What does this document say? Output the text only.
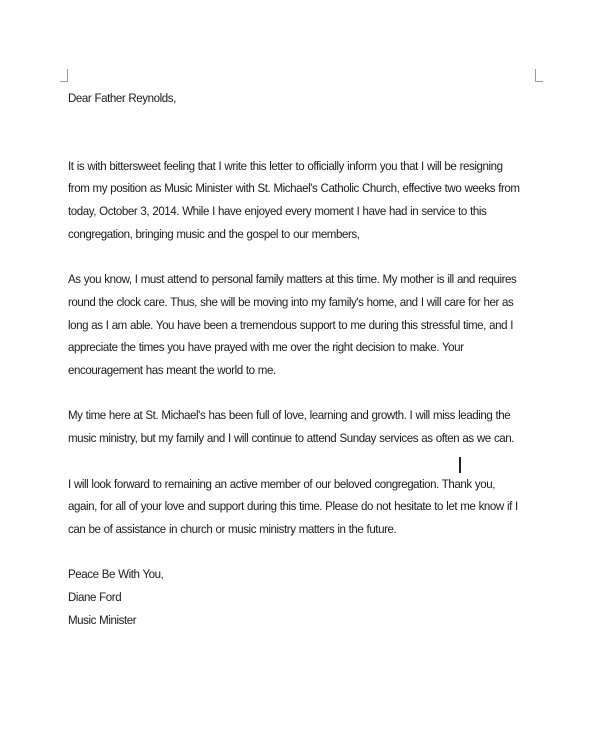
Dear Father Reynolds,

It is with bittersweet feeling that I write this letter to officially inform you that I will be resigning from my position as Music Minister with St. Michael's Catholic Church, effective two weeks from today, October 3, 2014. While I have enjoyed every moment I have had in service to this congregation, bringing music and the gospel to our members,

As you know, I must attend to personal family matters at this time. My mother is ill and requires round the clock care. Thus, she will be moving into my family's home, and I will care for her as long as I am able. You have been a tremendous support to me during this stressful time, and I appreciate the times you have prayed with me over the right decision to make. Your encouragement has meant the world to me.

My time here at St. Michael's has been full of love, learning and growth. I will miss leading the music ministry, but my family and I will continue to attend Sunday services as often as we can.

I will look forward to remaining an active member of our beloved congregation. Thank you, again, for all of your love and support during this time. Please do not hesitate to let me know if I can be of assistance in church or music ministry matters in the future.

Peace Be With You,
Diane Ford
Music Minister
